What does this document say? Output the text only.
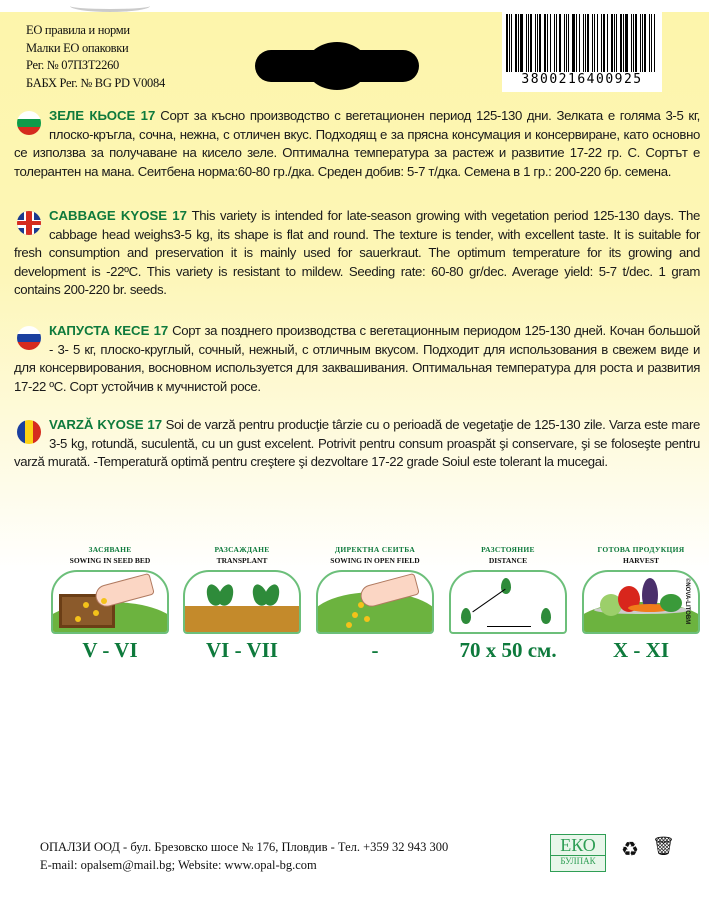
ЕО правила и норми
Малки ЕО опаковки
Рег. № 07ПЗТ2260
БАБХ Рег. № BG PD V0084	3800216400925
ЗЕЛЕ КЬОСЕ 17 Сорт за късно производство с вегетационен период 125-130 дни. Зелката е голяма 3-5 кг, плоско-кръгла, сочна, нежна, с отличен вкус. Подходящ е за прясна консумация и консервиране, като основно се използва за получаване на кисело зеле. Оптимална температура за растеж и развитие 17-22 гр. С. Сортът е толерантен на мана. Сеитбена норма:60-80 гр./дка. Среден добив: 5-7 т/дка. Семена в 1 гр.: 200-220 бр. семена.
CABBAGE KYOSE 17 This variety is intended for late-season growing with vegetation period 125-130 days. The cabbage head weighs3-5 kg, its shape is flat and round. The texture is tender, with excellent taste. It is suitable for fresh consumption and preservation it is mainly used for sauerkraut. The optimum temperature for its growing and development is -22ºC. This variety is resistant to mildew. Seeding rate: 60-80 gr/dec. Average yield: 5-7 t/dec. 1 gram contains 200-220 br. seeds.
КАПУСТА КЕСЕ 17 Сорт за позднего производства с вегетационным периодом 125-130 дней. Кочан большой - 3- 5 кг, плоско-круглый, сочный, нежный, с отличным вкусом. Подходит для использования в свежем виде и для консервирования, восновном используется для заквашивания. Оптимальная температура для роста и развития 17-22 ºС. Сорт устойчив к мучнистой росе.
VARZĂ KYOSE 17 Soi de varză pentru producţie târzie cu o perioadă de vegetaţie de 125-130 zile. Varza este mare 3-5 kg, rotundă, suculentă, cu un gust excelent. Potrivit pentru consum proaspăt şi conservare, şi se foloseşte pentru varză murată. -Temperatură optimă pentru creştere şi dezvoltare 17-22 grade Soiul este tolerant la mucegai.
ЗАСЯВАНЕ
SOWING IN SEED BED
V - VI
РАЗСАЖДАНЕ
TRANSPLANT
VI - VII
ДИРЕКТНА СЕИТБА
SOWING IN OPEN FIELD
-
РАЗСТОЯНИЕ
DISTANCE
70 x 50 см.
ГОТОВА ПРОДУКЦИЯ
HARVEST
X - XI
©NOVA-LITOBM
ОПАЛЗИ ООД - бул. Брезовско шосе № 176, Пловдив - Тел. +359 32 943 300
E-mail: opalsem@mail.bg; Website: www.opal-bg.com
ЕКО
БУЛПАК	♻ 🗑
